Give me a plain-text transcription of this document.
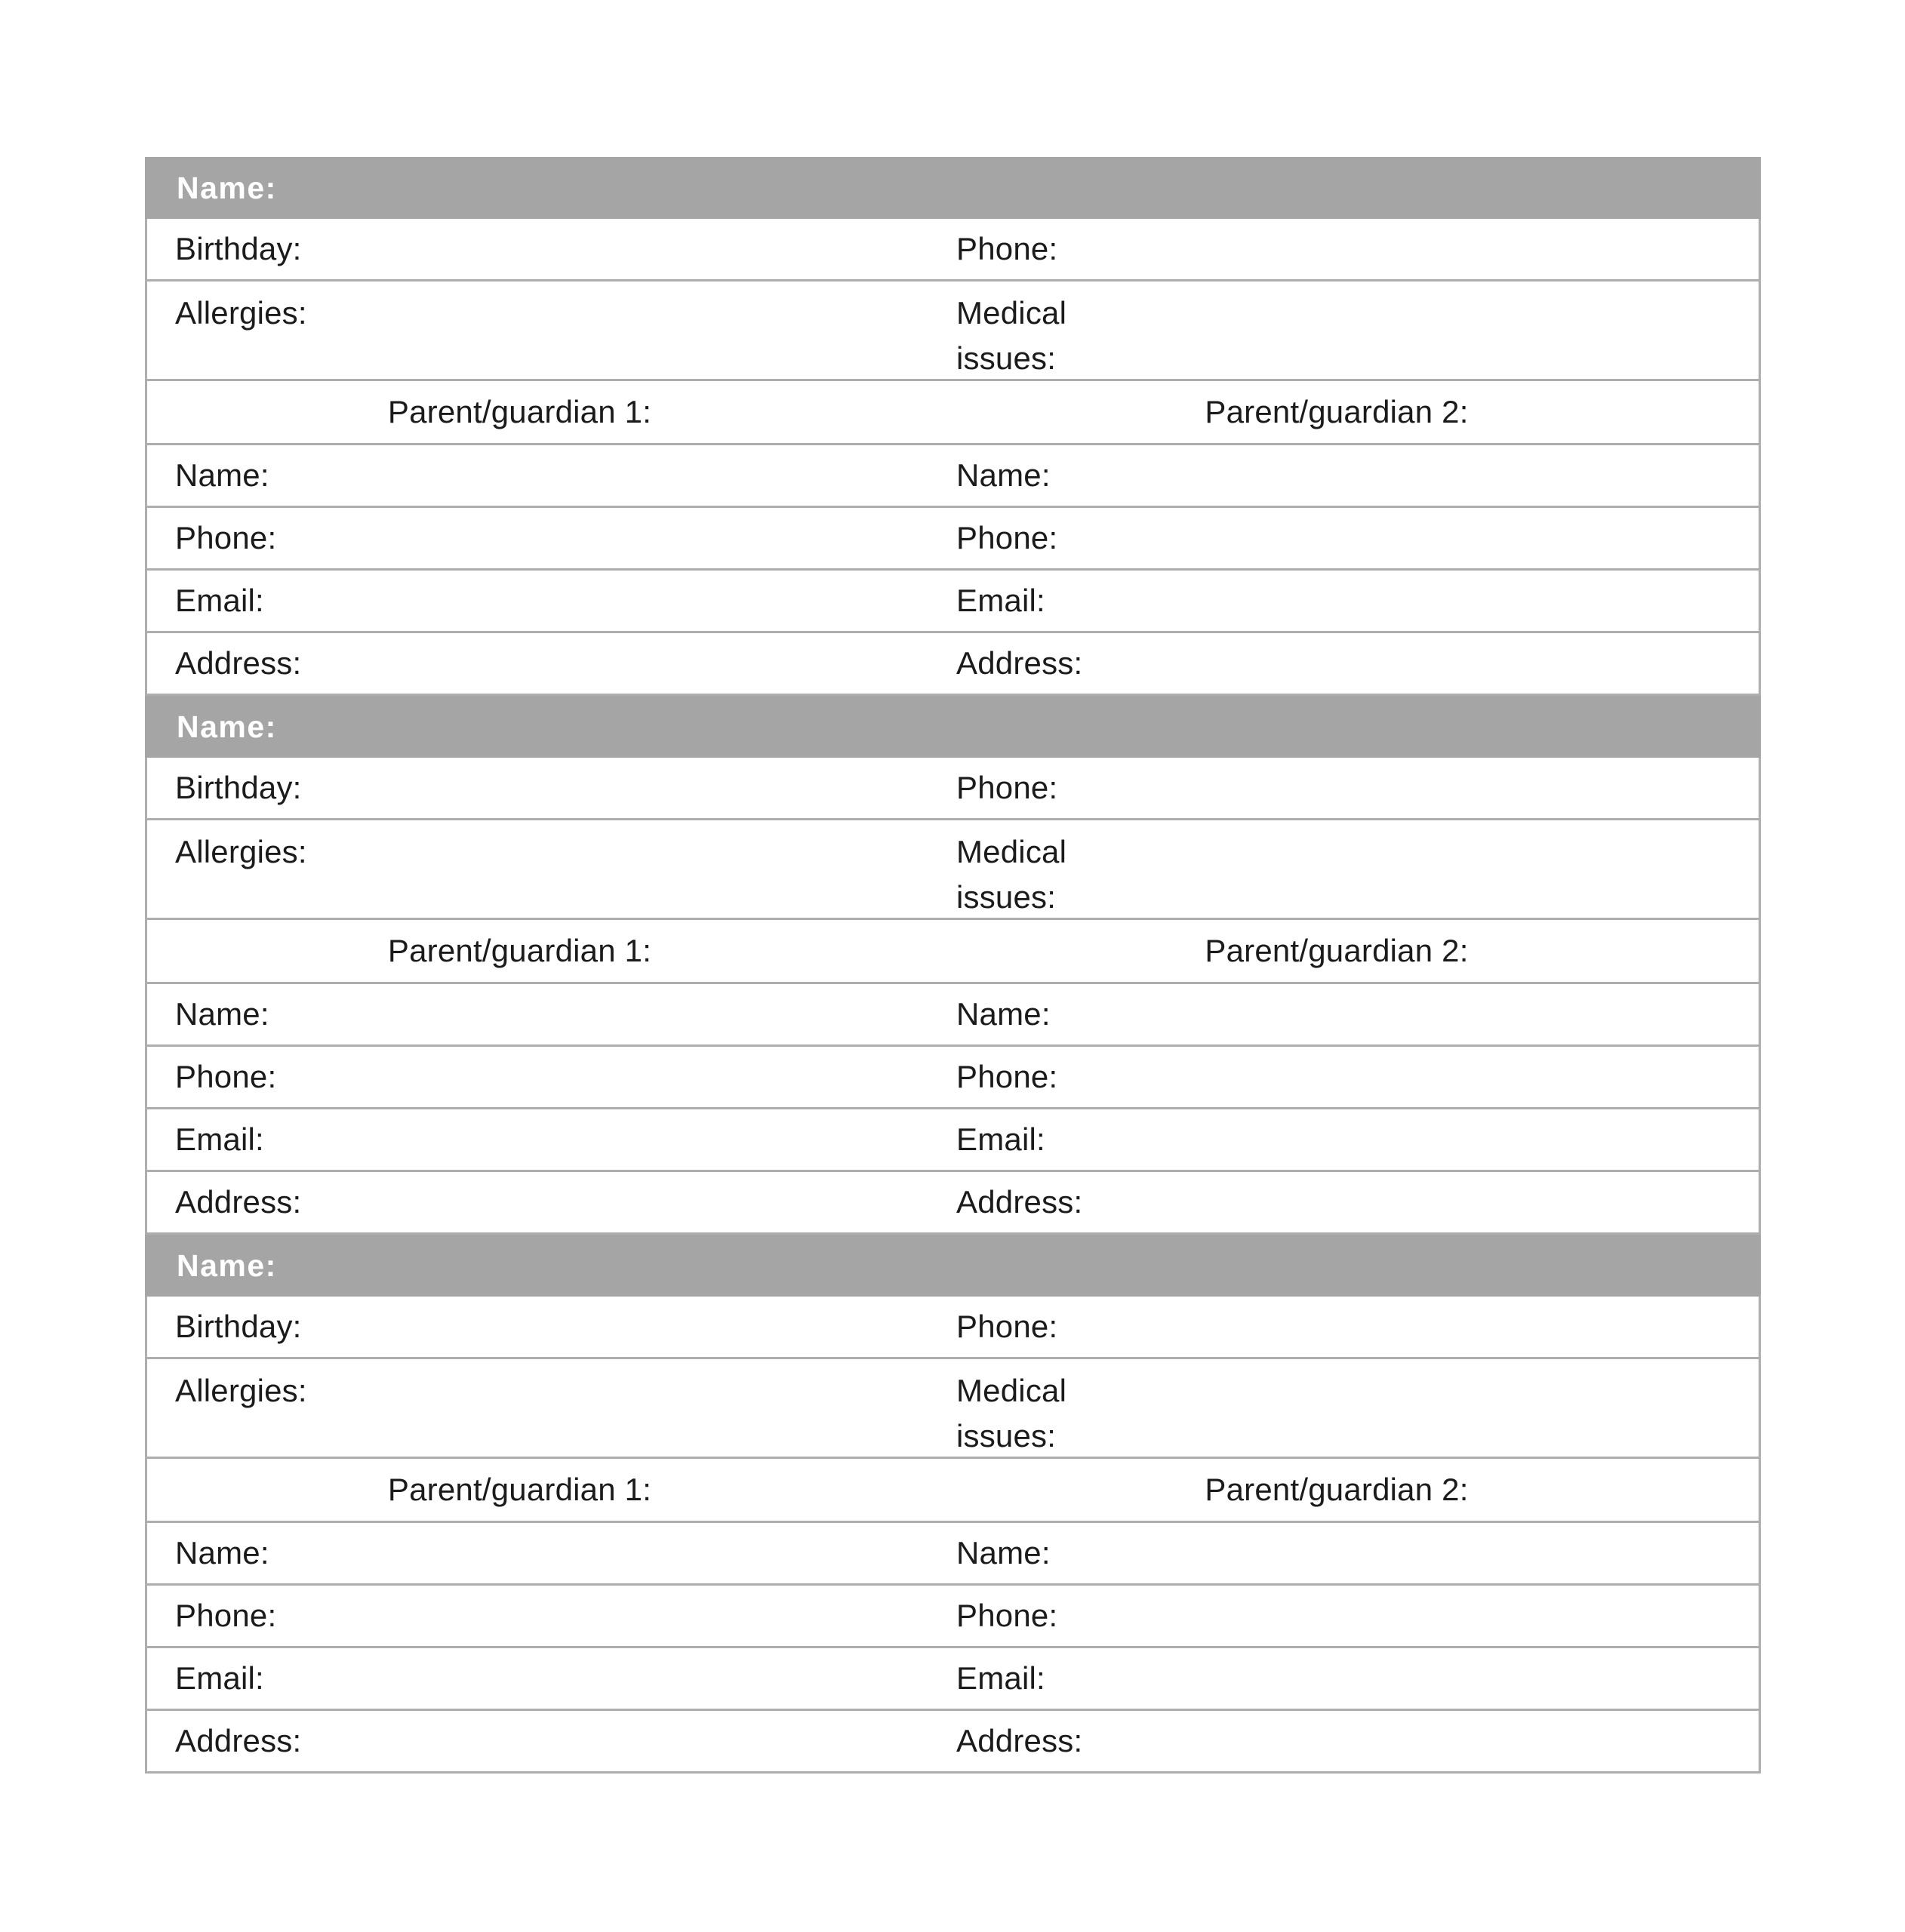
Name:
Birthday:	Phone:
Allergies:	Medical issues:
Parent/guardian 1:	Parent/guardian 2:
Name:	Name:
Phone:	Phone:
Email:	Email:
Address:	Address:
Name:
Birthday:	Phone:
Allergies:	Medical issues:
Parent/guardian 1:	Parent/guardian 2:
Name:	Name:
Phone:	Phone:
Email:	Email:
Address:	Address:
Name:
Birthday:	Phone:
Allergies:	Medical issues:
Parent/guardian 1:	Parent/guardian 2:
Name:	Name:
Phone:	Phone:
Email:	Email:
Address:	Address:
